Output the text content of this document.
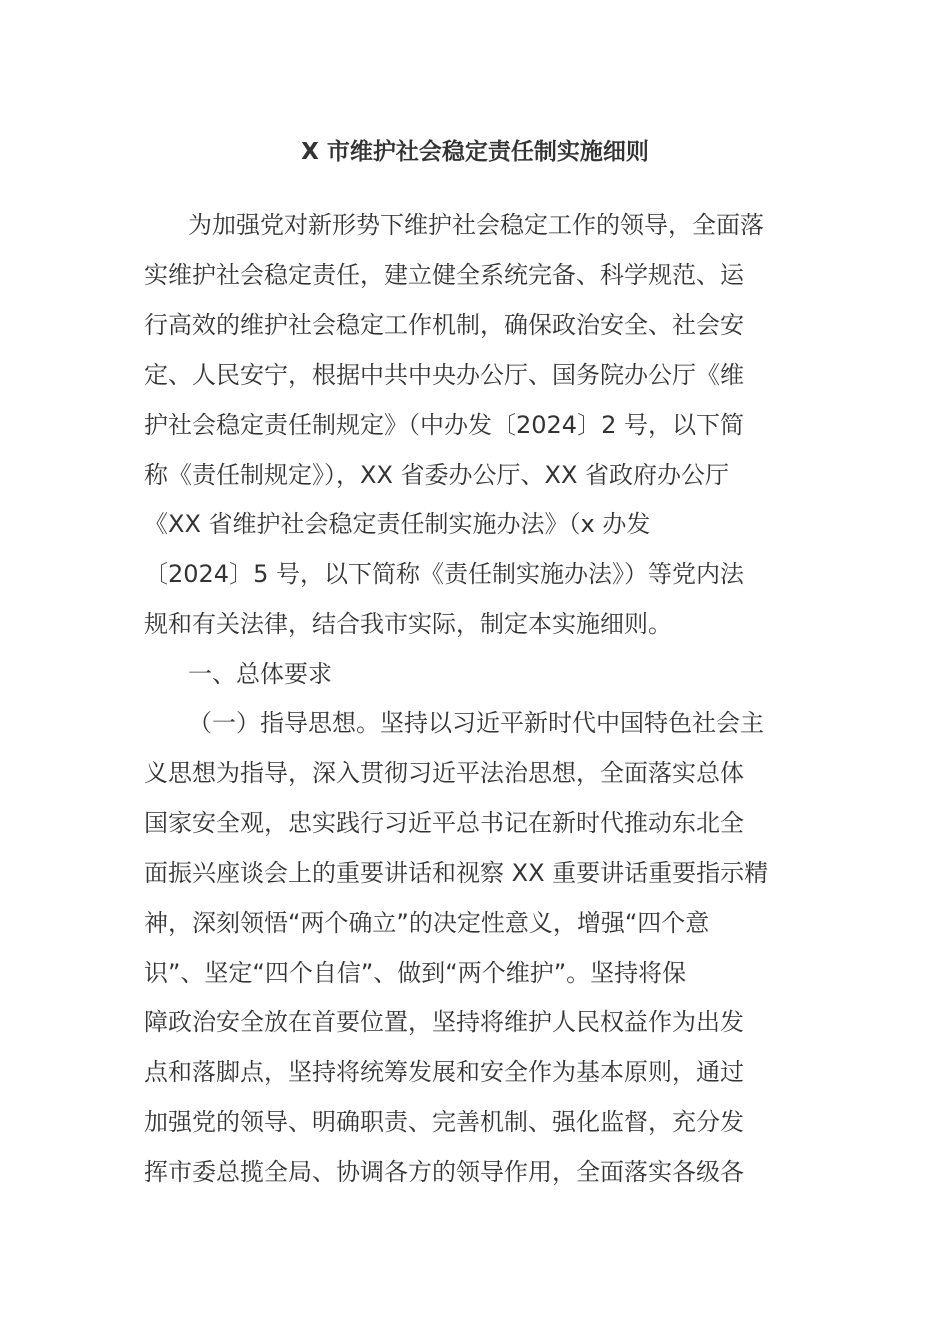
X 市维护社会稳定责任制实施细则
为加强党对新形势下维护社会稳定工作的领导，全面落
实维护社会稳定责任，建立健全系统完备、科学规范、运
行高效的维护社会稳定工作机制，确保政治安全、社会安
定、人民安宁，根据中共中央办公厅、国务院办公厅《维
护社会稳定责任制规定》（中办发〔2024〕2 号，以下简
称《责任制规定》），XX 省委办公厅、XX 省政府办公厅
《XX 省维护社会稳定责任制实施办法》（x 办发
〔2024〕5 号，以下简称《责任制实施办法》）等党内法
规和有关法律，结合我市实际，制定本实施细则。
一、总体要求
（一）指导思想。坚持以习近平新时代中国特色社会主
义思想为指导，深入贯彻习近平法治思想，全面落实总体
国家安全观，忠实践行习近平总书记在新时代推动东北全
面振兴座谈会上的重要讲话和视察 XX 重要讲话重要指示精
神，深刻领悟“两个确立”的决定性意义，增强“四个意
识”、坚定“四个自信”、做到“两个维护”。坚持将保
障政治安全放在首要位置，坚持将维护人民权益作为出发
点和落脚点，坚持将统筹发展和安全作为基本原则，通过
加强党的领导、明确职责、完善机制、强化监督，充分发
挥市委总揽全局、协调各方的领导作用，全面落实各级各
